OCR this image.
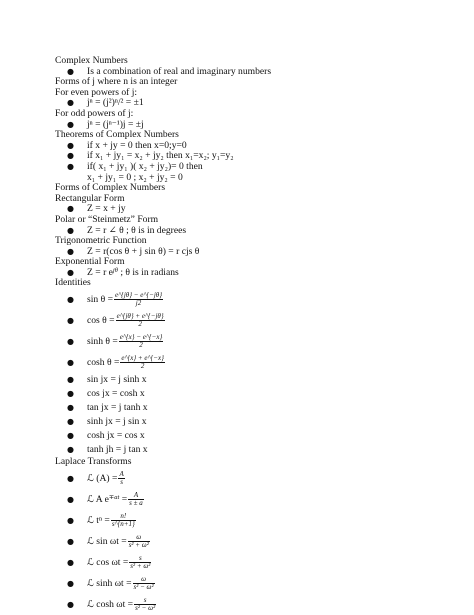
Complex Numbers
● Is a combination of real and imaginary numbers
Forms of j where n is an integer
For even powers of j:
● jⁿ = (j²)ⁿ/² = ±1
For odd powers of j:
● jⁿ = (jⁿ⁻¹)j = ±j
Theorems of Complex Numbers
● if x + jy = 0 then x=0;y=0
● if x₁ + jy₁ = x₂ + jy₂ then x₁=x₂; y₁=y₂
● if( x₁ + jy₁ )( x₂ + jy₂)= 0 then
x₁ + jy₁ = 0 ; x₂ + jy₂ = 0
Forms of Complex Numbers
Rectangular Form
● Z = x + jy
Polar or “Steinmetz” Form
● Z = r ∠ θ ; θ is in degrees
Trigonometric Function
● Z = r(cos θ + j sin θ) = r cjs θ
Exponential Form
● Z = r $e^{j\theta}$ ; θ is in radians
Identities
● $\sin \theta = \frac{e\^{}\{j\theta\} - e\^{}\{-j\theta\}}{j2}$
● $\cos \theta = \frac{e\^{}\{j\theta\} + e\^{}\{-j\theta\}}{2}$
● $\sinh \theta = \frac{e\^{}\{x\} - e\^{}\{-x\}}{2}$
● $\cosh \theta = \frac{e\^{}\{x\} + e\^{}\{-x\}}{2}$
● sin jx = j sinh x
● cos jx = cosh x
● tan jx = j tanh x
● sinh jx = j sin x
● cosh jx = cos x
● tanh jh = j tan x
Laplace Transforms
● ℒ $(A) = \frac{A}{s}$
● ℒ A $e^{\mp at} = \frac{A}{s \pm a}$
● ℒ $t^n = \frac{n!}{s\^{}\{n+1\}}$
● ℒ $\sin \omega t = \frac{\omega}{\text{s² + ω²}}$
● ℒ $\cos \omega t = \frac{s}{\text{s² + ω²}}$
● ℒ $\sinh \omega t = \frac{\omega}{\text{s² − ω²}}$
● ℒ $\cosh \omega t = \frac{s}{\text{s² − ω²}}$
